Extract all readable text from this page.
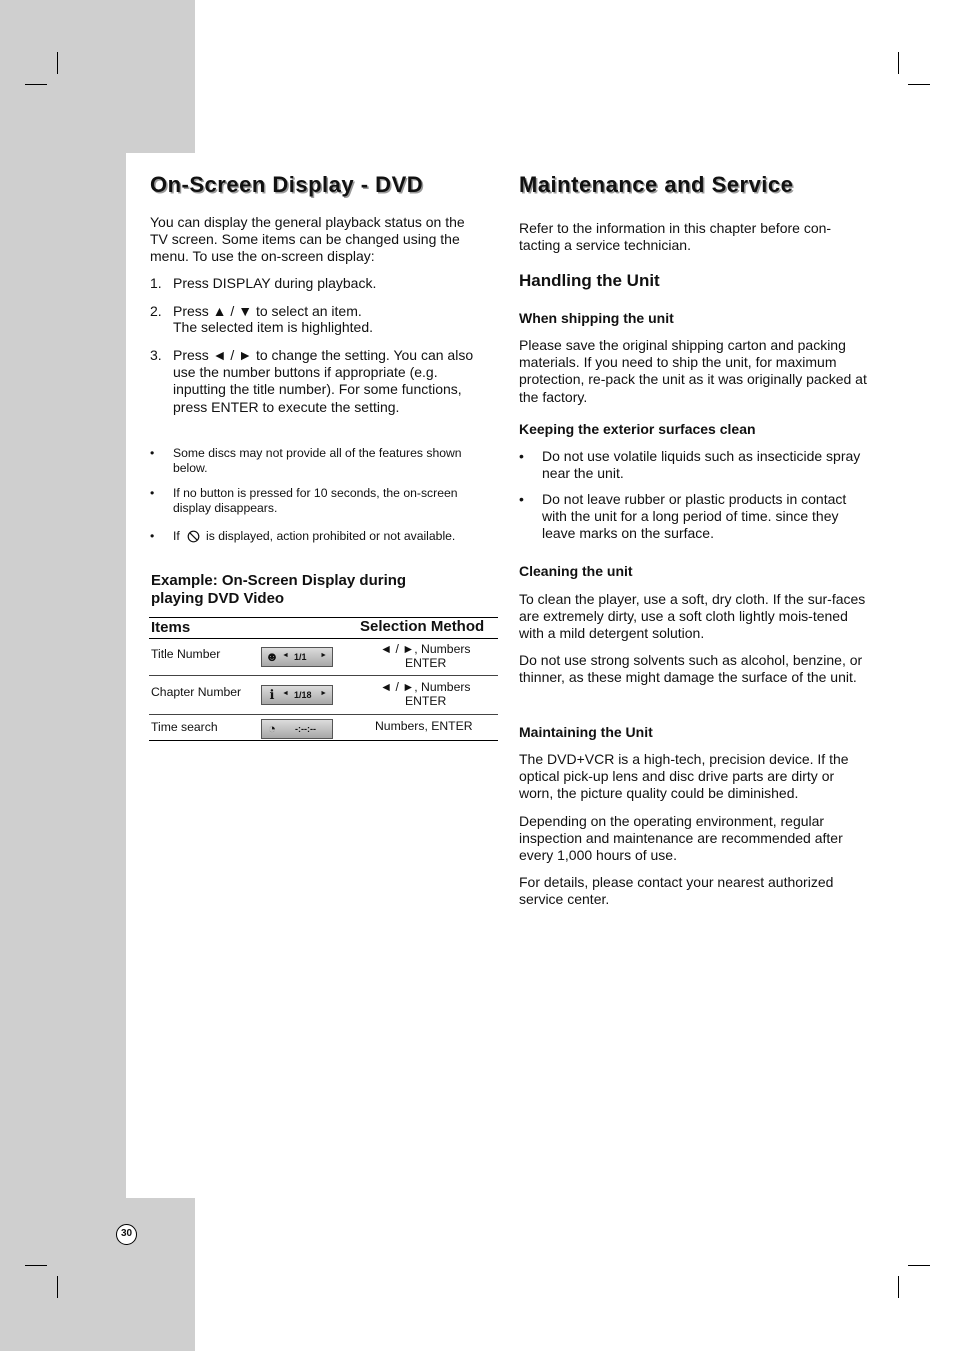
On-Screen Display - DVD

You can display the general playback status on the TV screen. Some items can be changed using the menu. To use the on-screen display:

1. Press DISPLAY during playback.

2. Press ▲ / ▼ to select an item.

The selected item is highlighted.

3. Press ◄ / ► to change the setting. You can also use the number buttons if appropriate (e.g. inputting the title number). For some functions, press ENTER to execute the setting.

• Some discs may not provide all of the features shown below.

• If no button is pressed for 10 seconds, the on-screen display disappears.

• If is displayed, action prohibited or not available.

Example: On-Screen Display during playing DVD Video

Items	Selection Method
Title Number	☻ ◄ 1/1 ►	◄ / ►, Numbers
ENTER
Chapter Number	ℹ	◄ 1/18 ►	◄ / ►, Numbers
ENTER
Time search	◔	-:--:--	Numbers, ENTER
Maintenance and Service

Refer to the information in this chapter before con-tacting a service technician.

Handling the Unit

When shipping the unit

Please save the original shipping carton and packing materials. If you need to ship the unit, for maximum protection, re-pack the unit as it was originally packed at the factory.

Keeping the exterior surfaces clean

• Do not use volatile liquids such as insecticide spray near the unit.

• Do not leave rubber or plastic products in contact with the unit for a long period of time. since they leave marks on the surface.

Cleaning the unit

To clean the player, use a soft, dry cloth. If the sur-faces are extremely dirty, use a soft cloth lightly mois-tened with a mild detergent solution.

Do not use strong solvents such as alcohol, benzine, or thinner, as these might damage the surface of the unit.

Maintaining the Unit

The DVD+VCR is a high-tech, precision device. If the optical pick-up lens and disc drive parts are dirty or worn, the picture quality could be diminished.

Depending on the operating environment, regular inspection and maintenance are recommended after every 1,000 hours of use.

For details, please contact your nearest authorized service center.

30
